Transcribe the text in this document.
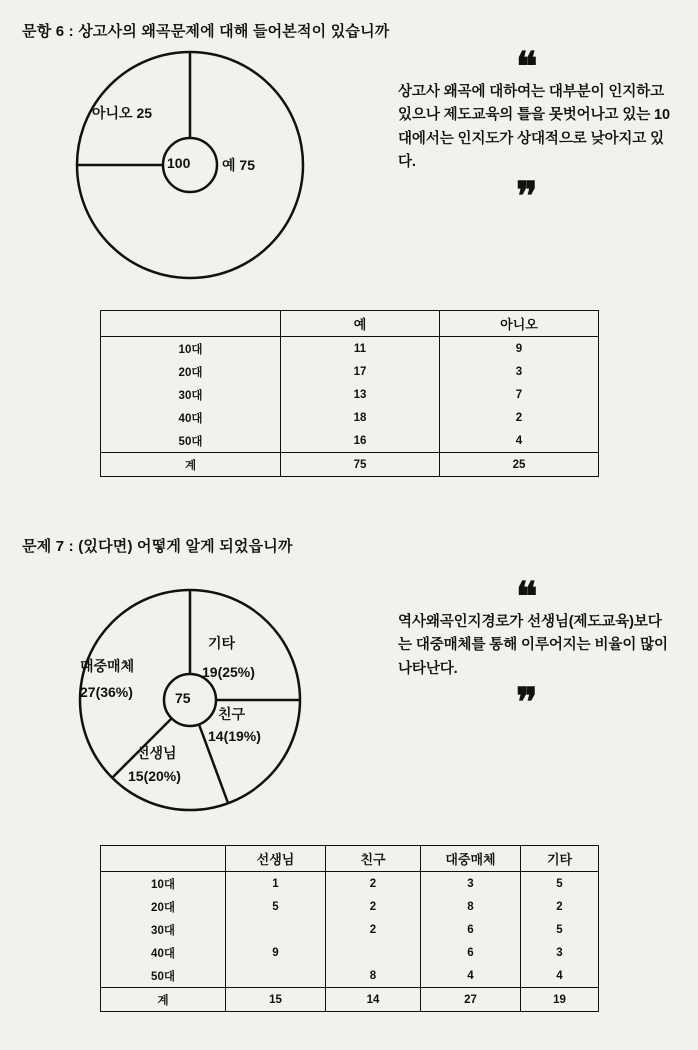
문항 6 : 상고사의 왜곡문제에 대해 들어본적이 있습니까
100 예 75
아니오 25
❝
상고사 왜곡에 대하여는 대부분이 인지하고 있으나 제도교육의 틀을 못벗어나고 있는 10대에서는 인지도가 상대적으로 낮아지고 있다.
❞
	예	아니오
10대	11	9
20대	17	3
30대	13	7
40대	18	2
50대	16	4
계	75	25
문제 7 : (있다면) 어떻게 알게 되었읍니까
75
기타
19(25%)
대중매체
27(36%)
친구
14(19%)
선생님
15(20%)
❝
역사왜곡인지경로가 선생님(제도교육)보다는 대중매체를 통해 이루어지는 비율이 많이 나타난다.
❞
	선생님	친구	대중매체	기타
10대	1	2	3	5
20대	5	2	8	2
30대		2	6	5
40대	9		6	3
50대		8	4	4
계	15	14	27	19
